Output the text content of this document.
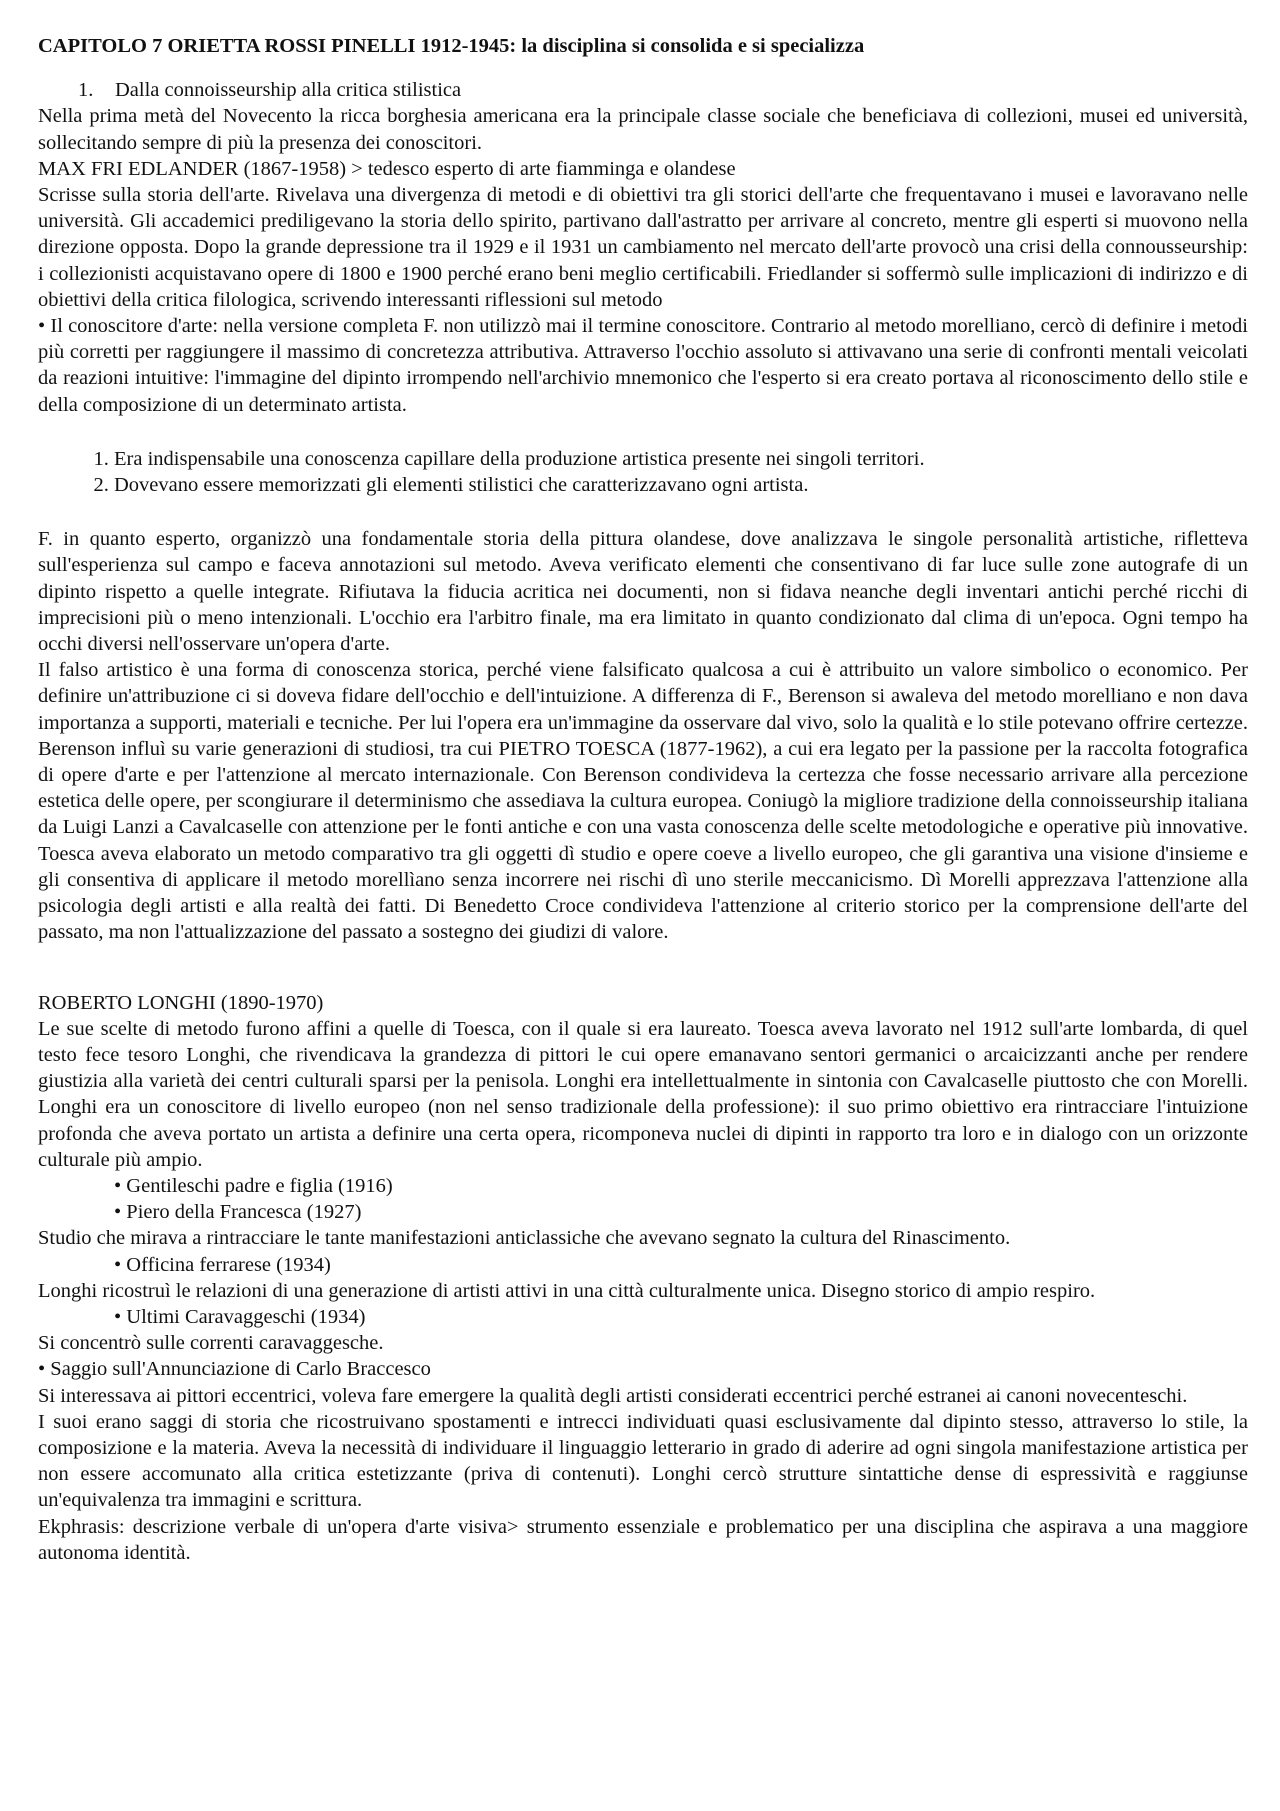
CAPITOLO 7 ORIETTA ROSSI PINELLI 1912-1945: la disciplina si consolida e si specializza

1. Dalla connoisseurship alla critica stilistica

Nella prima metà del Novecento la ricca borghesia americana era la principale classe sociale che beneficiava di collezioni, musei ed università, sollecitando sempre di più la presenza dei conoscitori.

MAX FRI EDLANDER (1867-1958) > tedesco esperto di arte fiamminga e olandese

Scrisse sulla storia dell'arte. Rivelava una divergenza di metodi e di obiettivi tra gli storici dell'arte che frequentavano i musei e lavoravano nelle università. Gli accademici prediligevano la storia dello spirito, partivano dall'astratto per arrivare al concreto, mentre gli esperti si muovono nella direzione opposta. Dopo la grande depressione tra il 1929 e il 1931 un cambiamento nel mercato dell'arte provocò una crisi della connousseurship: i collezionisti acquistavano opere di 1800 e 1900 perché erano beni meglio certificabili. Friedlander si soffermò sulle implicazioni di indirizzo e di obiettivi della critica filologica, scrivendo interessanti riflessioni sul metodo

• Il conoscitore d'arte: nella versione completa F. non utilizzò mai il termine conoscitore. Contrario al metodo morelliano, cercò di definire i metodi più corretti per raggiungere il massimo di concretezza attributiva. Attraverso l'occhio assoluto si attivavano una serie di confronti mentali veicolati da reazioni intuitive: l'immagine del dipinto irrompendo nell'archivio mnemonico che l'esperto si era creato portava al riconoscimento dello stile e della composizione di un determinato artista.

1. Era indispensabile una conoscenza capillare della produzione artistica presente nei singoli territori.
2. Dovevano essere memorizzati gli elementi stilistici che caratterizzavano ogni artista.

F. in quanto esperto, organizzò una fondamentale storia della pittura olandese, dove analizzava le singole personalità artistiche, rifletteva sull'esperienza sul campo e faceva annotazioni sul metodo. Aveva verificato elementi che consentivano di far luce sulle zone autografe di un dipinto rispetto a quelle integrate. Rifiutava la fiducia acritica nei documenti, non si fidava neanche degli inventari antichi perché ricchi di imprecisioni più o meno intenzionali. L'occhio era l'arbitro finale, ma era limitato in quanto condizionato dal clima di un'epoca. Ogni tempo ha occhi diversi nell'osservare un'opera d'arte.

Il falso artistico è una forma di conoscenza storica, perché viene falsificato qualcosa a cui è attribuito un valore simbolico o economico. Per definire un'attribuzione ci si doveva fidare dell'occhio e dell'intuizione. A differenza di F., Berenson si awaleva del metodo morelliano e non dava importanza a supporti, materiali e tecniche. Per lui l'opera era un'immagine da osservare dal vivo, solo la qualità e lo stile potevano offrire certezze. Berenson influì su varie generazioni di studiosi, tra cui PIETRO TOESCA (1877-1962), a cui era legato per la passione per la raccolta fotografica di opere d'arte e per l'attenzione al mercato internazionale. Con Berenson condivideva la certezza che fosse necessario arrivare alla percezione estetica delle opere, per scongiurare il determinismo che assediava la cultura europea. Coniugò la migliore tradizione della connoisseurship italiana da Luigi Lanzi a Cavalcaselle con attenzione per le fonti antiche e con una vasta conoscenza delle scelte metodologiche e operative più innovative. Toesca aveva elaborato un metodo comparativo tra gli oggetti dì studio e opere coeve a livello europeo, che gli garantiva una visione d'insieme e gli consentiva di applicare il metodo morellìano senza incorrere nei rischi dì uno sterile meccanicismo. Dì Morelli apprezzava l'attenzione alla psicologia degli artisti e alla realtà dei fatti. Di Benedetto Croce condivideva l'attenzione al criterio storico per la comprensione dell'arte del passato, ma non l'attualizzazione del passato a sostegno dei giudizi di valore.

ROBERTO LONGHI (1890-1970)

Le sue scelte di metodo furono affini a quelle di Toesca, con il quale si era laureato. Toesca aveva lavorato nel 1912 sull'arte lombarda, di quel testo fece tesoro Longhi, che rivendicava la grandezza di pittori le cui opere emanavano sentori germanici o arcaicizzanti anche per rendere giustizia alla varietà dei centri culturali sparsi per la penisola. Longhi era intellettualmente in sintonia con Cavalcaselle piuttosto che con Morelli. Longhi era un conoscitore di livello europeo (non nel senso tradizionale della professione): il suo primo obiettivo era rintracciare l'intuizione profonda che aveva portato un artista a definire una certa opera, ricomponeva nuclei di dipinti in rapporto tra loro e in dialogo con un orizzonte culturale più ampio.

• Gentileschi padre e figlia (1916)

• Piero della Francesca (1927)

Studio che mirava a rintracciare le tante manifestazioni anticlassiche che avevano segnato la cultura del Rinascimento.

• Officina ferrarese (1934)

Longhi ricostruì le relazioni di una generazione di artisti attivi in una città culturalmente unica. Disegno storico di ampio respiro.

• Ultimi Caravaggeschi (1934)

Si concentrò sulle correnti caravaggesche.

• Saggio sull'Annunciazione di Carlo Braccesco

Si interessava ai pittori eccentrici, voleva fare emergere la qualità degli artisti considerati eccentrici perché estranei ai canoni novecenteschi.

I suoi erano saggi di storia che ricostruivano spostamenti e intrecci individuati quasi esclusivamente dal dipinto stesso, attraverso lo stile, la composizione e la materia. Aveva la necessità di individuare il linguaggio letterario in grado di aderire ad ogni singola manifestazione artistica per non essere accomunato alla critica estetizzante (priva di contenuti). Longhi cercò strutture sintattiche dense di espressività e raggiunse un'equivalenza tra immagini e scrittura.

Ekphrasis: descrizione verbale di un'opera d'arte visiva> strumento essenziale e problematico per una disciplina che aspirava a una maggiore autonoma identità.
